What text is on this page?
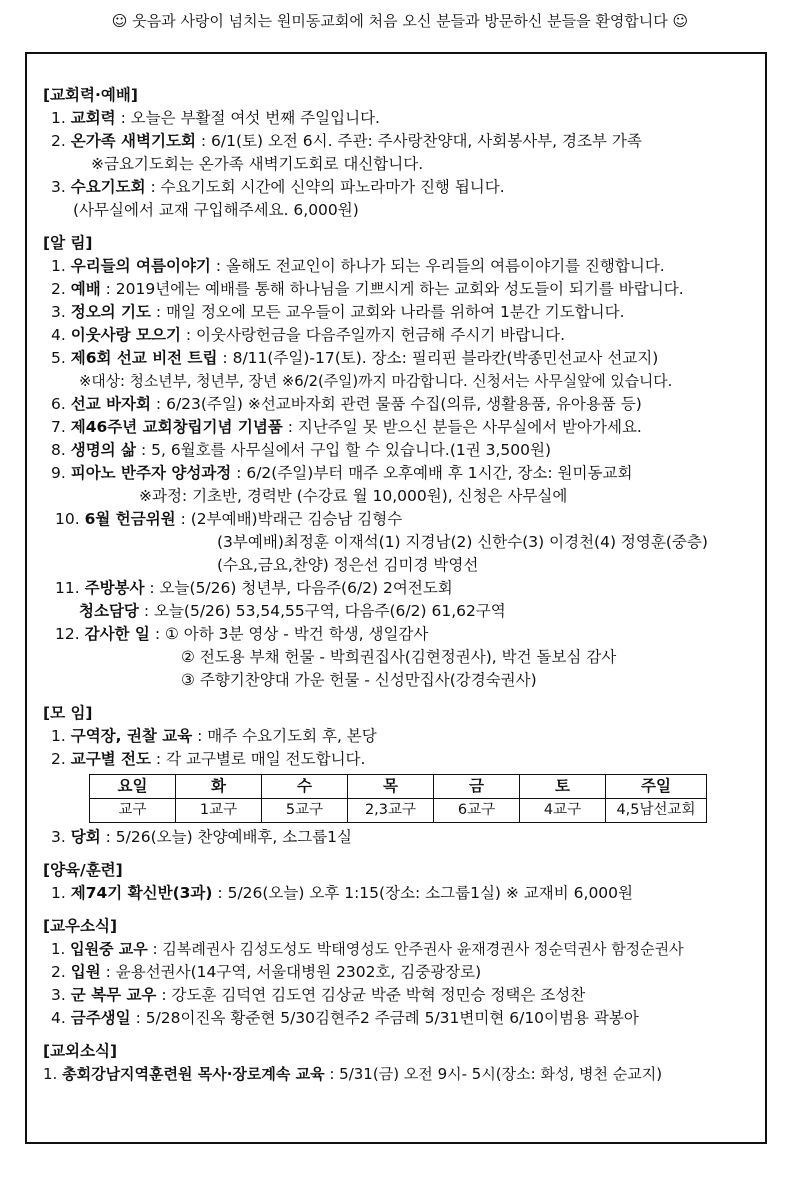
☺ 웃음과 사랑이 넘치는 원미동교회에 처음 오신 분들과 방문하신 분들을 환영합니다 ☺
[교회력·예배]
1. 교회력 : 오늘은 부활절 여섯 번째 주일입니다.
2. 온가족 새벽기도회 : 6/1(토) 오전 6시. 주관: 주사랑찬양대, 사회봉사부, 경조부 가족
※금요기도회는 온가족 새벽기도회로 대신합니다.
3. 수요기도회 : 수요기도회 시간에 신약의 파노라마가 진행 됩니다.
(사무실에서 교재 구입해주세요. 6,000원)
[알 림]
1. 우리들의 여름이야기 : 올해도 전교인이 하나가 되는 우리들의 여름이야기를 진행합니다.
2. 예배 : 2019년에는 예배를 통해 하나님을 기쁘시게 하는 교회와 성도들이 되기를 바랍니다.
3. 정오의 기도 : 매일 정오에 모든 교우들이 교회와 나라를 위하여 1분간 기도합니다.
4. 이웃사랑 모으기 : 이웃사랑헌금을 다음주일까지 헌금해 주시기 바랍니다.
5. 제6회 선교 비전 트립 : 8/11(주일)-17(토). 장소: 필리핀 블라칸(박종민선교사 선교지)
※대상: 청소년부, 청년부, 장년 ※6/2(주일)까지 마감합니다. 신청서는 사무실앞에 있습니다.
6. 선교 바자회 : 6/23(주일) ※선교바자회 관련 물품 수집(의류, 생활용품, 유아용품 등)
7. 제46주년 교회창립기념 기념품 : 지난주일 못 받으신 분들은 사무실에서 받아가세요.
8. 생명의 삶 : 5, 6월호를 사무실에서 구입 할 수 있습니다.(1권 3,500원)
9. 피아노 반주자 양성과정 : 6/2(주일)부터 매주 오후예배 후 1시간, 장소: 원미동교회
※과정: 기초반, 경력반 (수강료 월 10,000원), 신청은 사무실에
10. 6월 헌금위원 : (2부예배)박래근 김승남 김형수
(3부예배)최정훈 이재석(1) 지경남(2) 신한수(3) 이경천(4) 정영훈(중층)
(수요,금요,찬양) 정은선 김미경 박영선
11. 주방봉사 : 오늘(5/26) 청년부, 다음주(6/2) 2여전도회
청소담당 : 오늘(5/26) 53,54,55구역, 다음주(6/2) 61,62구역
12. 감사한 일 : ① 아하 3분 영상 - 박건 학생, 생일감사
② 전도용 부채 헌물 - 박희권집사(김현정권사), 박건 돌보심 감사
③ 주향기찬양대 가운 헌물 - 신성만집사(강경숙권사)
[모 임]
1. 구역장, 권찰 교육 : 매주 수요기도회 후, 본당
2. 교구별 전도 : 각 교구별로 매일 전도합니다.
요일	화	수	목	금	토	주일
교구	1교구	5교구	2,3교구	6교구	4교구	4,5남선교회
3. 당회 : 5/26(오늘) 찬양예배후, 소그룹1실
[양육/훈련]
1. 제74기 확신반(3과) : 5/26(오늘) 오후 1:15(장소: 소그룹1실) ※ 교재비 6,000원
[교우소식]
1. 입원중 교우 : 김복례권사 김성도성도 박태영성도 안주권사 윤재경권사 정순덕권사 함정순권사
2. 입원 : 윤용선권사(14구역, 서울대병원 2302호, 김중광장로)
3. 군 복무 교우 : 강도훈 김덕연 김도연 김상균 박준 박혁 정민승 정택은 조성찬
4. 금주생일 : 5/28이진옥 황준현 5/30김현주2 주금례 5/31변미현 6/10이범용 곽봉아
[교외소식]
1. 총회강남지역훈련원 목사·장로계속 교육 : 5/31(금) 오전 9시- 5시(장소: 화성, 병천 순교지)
